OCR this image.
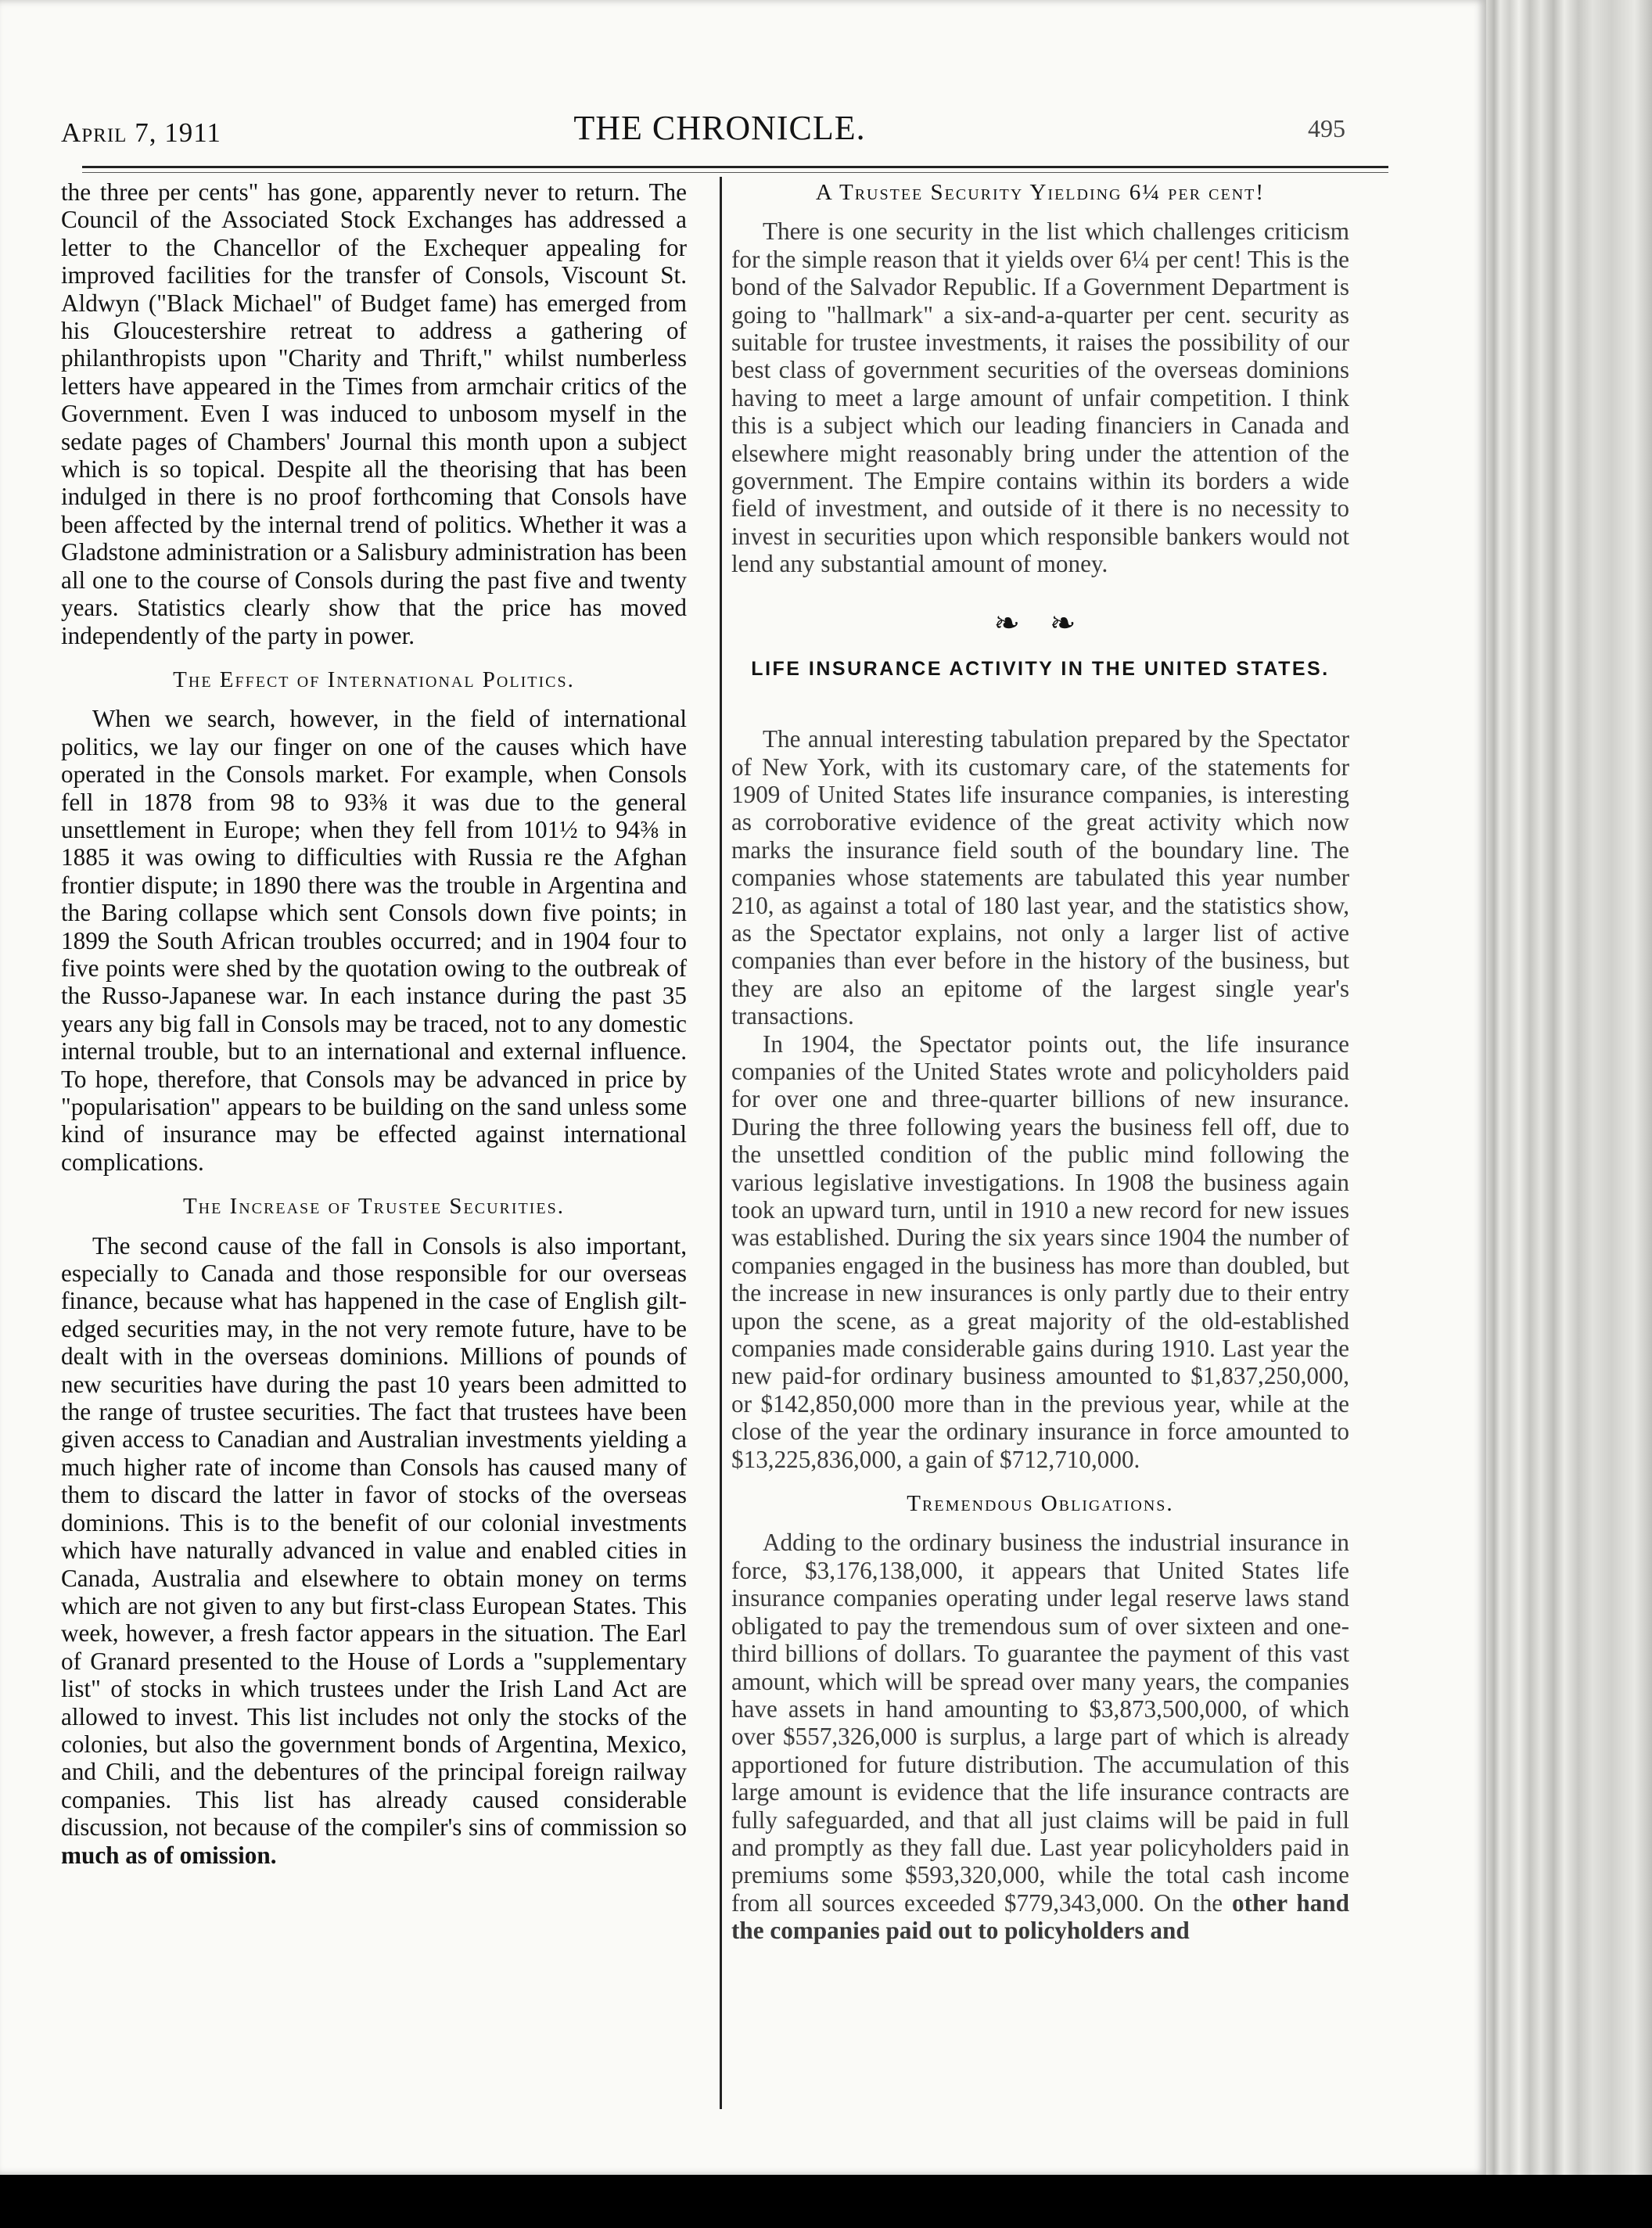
April 7, 1911	THE CHRONICLE.	495

the three per cents" has gone, apparently never to return. The Council of the Associated Stock Exchanges has addressed a letter to the Chancellor of the Exchequer appealing for improved facilities for the transfer of Consols, Viscount St. Aldwyn ("Black Michael" of Budget fame) has emerged from his Gloucestershire retreat to address a gathering of philanthropists upon "Charity and Thrift," whilst numberless letters have appeared in the Times from armchair critics of the Government. Even I was induced to unbosom myself in the sedate pages of Chambers' Journal this month upon a subject which is so topical. Despite all the theorising that has been indulged in there is no proof forthcoming that Consols have been affected by the internal trend of politics. Whether it was a Gladstone administration or a Salisbury administration has been all one to the course of Consols during the past five and twenty years. Statistics clearly show that the price has moved independently of the party in power.

The Effect of International Politics.

When we search, however, in the field of international politics, we lay our finger on one of the causes which have operated in the Consols market. For example, when Consols fell in 1878 from 98 to 93⅜ it was due to the general unsettlement in Europe; when they fell from 101½ to 94⅜ in 1885 it was owing to difficulties with Russia re the Afghan frontier dispute; in 1890 there was the trouble in Argentina and the Baring collapse which sent Consols down five points; in 1899 the South African troubles occurred; and in 1904 four to five points were shed by the quotation owing to the outbreak of the Russo-Japanese war. In each instance during the past 35 years any big fall in Consols may be traced, not to any domestic internal trouble, but to an international and external influence. To hope, therefore, that Consols may be advanced in price by "popularisation" appears to be building on the sand unless some kind of insurance may be effected against international complications.

The Increase of Trustee Securities.

The second cause of the fall in Consols is also important, especially to Canada and those responsible for our overseas finance, because what has happened in the case of English gilt-edged securities may, in the not very remote future, have to be dealt with in the overseas dominions. Millions of pounds of new securities have during the past 10 years been admitted to the range of trustee securities. The fact that trustees have been given access to Canadian and Australian investments yielding a much higher rate of income than Consols has caused many of them to discard the latter in favor of stocks of the overseas dominions. This is to the benefit of our colonial investments which have naturally advanced in value and enabled cities in Canada, Australia and elsewhere to obtain money on terms which are not given to any but first-class European States. This week, however, a fresh factor appears in the situation. The Earl of Granard presented to the House of Lords a "supplementary list" of stocks in which trustees under the Irish Land Act are allowed to invest. This list includes not only the stocks of the colonies, but also the government bonds of Argentina, Mexico, and Chili, and the debentures of the principal foreign railway companies. This list has already caused considerable discussion, not because of the compiler's sins of commission so much as of omission.

A Trustee Security Yielding 6¼ per cent!

There is one security in the list which challenges criticism for the simple reason that it yields over 6¼ per cent! This is the bond of the Salvador Republic. If a Government Department is going to "hallmark" a six-and-a-quarter per cent. security as suitable for trustee investments, it raises the possibility of our best class of government securities of the overseas dominions having to meet a large amount of unfair competition. I think this is a subject which our leading financiers in Canada and elsewhere might reasonably bring under the attention of the government. The Empire contains within its borders a wide field of investment, and outside of it there is no necessity to invest in securities upon which responsible bankers would not lend any substantial amount of money.

❧ ❧
LIFE INSURANCE ACTIVITY IN THE UNITED STATES.

The annual interesting tabulation prepared by the Spectator of New York, with its customary care, of the statements for 1909 of United States life insurance companies, is interesting as corroborative evidence of the great activity which now marks the insurance field south of the boundary line. The companies whose statements are tabulated this year number 210, as against a total of 180 last year, and the statistics show, as the Spectator explains, not only a larger list of active companies than ever before in the history of the business, but they are also an epitome of the largest single year's transactions.

In 1904, the Spectator points out, the life insurance companies of the United States wrote and policyholders paid for over one and three-quarter billions of new insurance. During the three following years the business fell off, due to the unsettled condition of the public mind following the various legislative investigations. In 1908 the business again took an upward turn, until in 1910 a new record for new issues was established. During the six years since 1904 the number of companies engaged in the business has more than doubled, but the increase in new insurances is only partly due to their entry upon the scene, as a great majority of the old-established companies made considerable gains during 1910. Last year the new paid-for ordinary business amounted to $1,837,250,000, or $142,850,000 more than in the previous year, while at the close of the year the ordinary insurance in force amounted to $13,225,836,000, a gain of $712,710,000.

Tremendous Obligations.

Adding to the ordinary business the industrial insurance in force, $3,176,138,000, it appears that United States life insurance companies operating under legal reserve laws stand obligated to pay the tremendous sum of over sixteen and one-third billions of dollars. To guarantee the payment of this vast amount, which will be spread over many years, the companies have assets in hand amounting to $3,873,500,000, of which over $557,326,000 is surplus, a large part of which is already apportioned for future distribution. The accumulation of this large amount is evidence that the life insurance contracts are fully safeguarded, and that all just claims will be paid in full and promptly as they fall due. Last year policyholders paid in premiums some $593,320,000, while the total cash income from all sources exceeded $779,343,000. On the other hand the companies paid out to policyholders and
